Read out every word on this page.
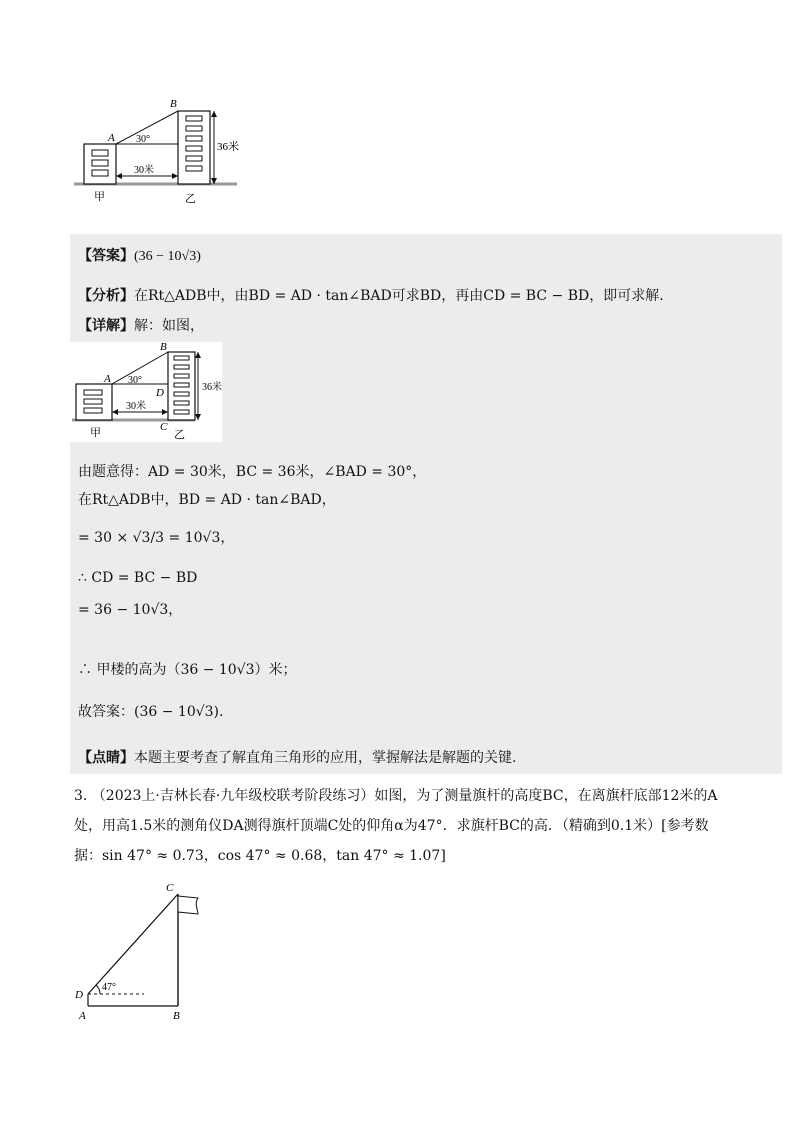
A
B
30°
30米
36米
甲	乙
【答案】(36 − 10√3)
【分析】在Rt△ADB中，由BD = AD · tan∠BAD可求BD，再由CD = BC − BD，即可求解.
【详解】解：如图，
由题意得：AD = 30米，BC = 36米，∠BAD = 30°，
在Rt△ADB中，BD = AD · tan∠BAD，
= 30 × √3/3 = 10√3，
∴ CD = BC − BD
= 36 − 10√3，
∴ 甲楼的高为（36 − 10√3）米；
故答案：(36 − 10√3).
【点睛】本题主要考查了解直角三角形的应用，掌握解法是解题的关键.
A
B
C
D
30°
30米
36米
甲	乙
3. （2023上·吉林长春·九年级校联考阶段练习）如图，为了测量旗杆的高度BC，在离旗杆底部12米的A
处，用高1.5米的测角仪DA测得旗杆顶端C处的仰角α为47°．求旗杆BC的高．（精确到0.1米）[参考数
据：sin 47° ≈ 0.73，cos 47° ≈ 0.68，tan 47° ≈ 1.07]
C
D
A	B
47°
